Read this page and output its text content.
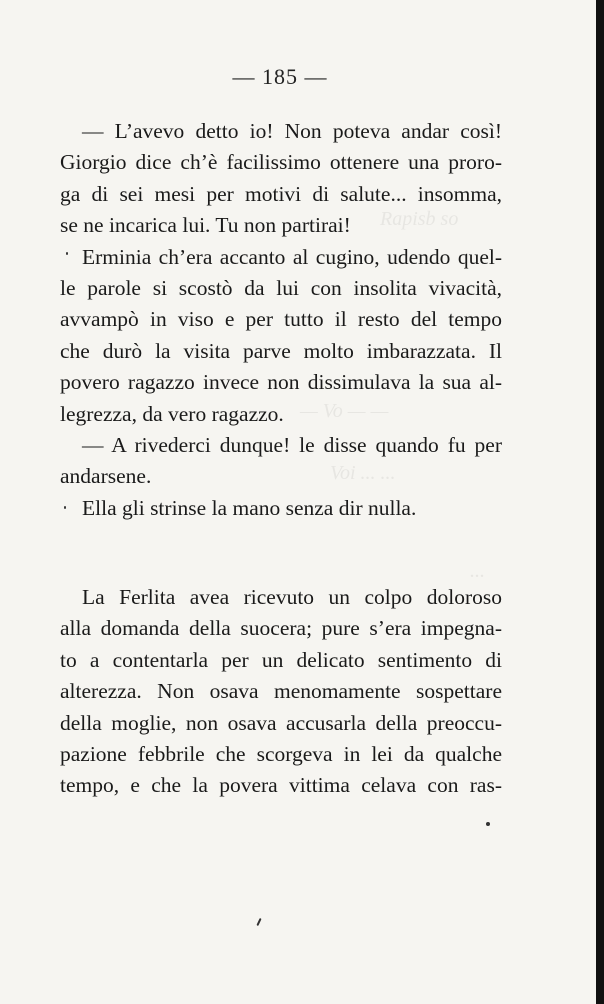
Rapisb so
— Vo — —
Voi ... ...
...
— 185 —
— L’avevo detto io! Non poteva andar così!
Giorgio dice ch’è facilissimo ottenere una proro-
ga di sei mesi per motivi di salute... insomma,
se ne incarica lui. Tu non partirai!
Erminia ch’era accanto al cugino, udendo quel-
le parole si scostò da lui con insolita vivacità,
avvampò in viso e per tutto il resto del tempo
che durò la visita parve molto imbarazzata. Il
povero ragazzo invece non dissimulava la sua al-
legrezza, da vero ragazzo.
— A rivederci dunque! le disse quando fu per
andarsene.
Ella gli strinse la mano senza dir nulla.
La Ferlita avea ricevuto un colpo doloroso
alla domanda della suocera; pure s’era impegna-
to a contentarla per un delicato sentimento di
alterezza. Non osava menomamente sospettare
della moglie, non osava accusarla della preoccu-
pazione febbrile che scorgeva in lei da qualche
tempo, e che la povera vittima celava con ras-
